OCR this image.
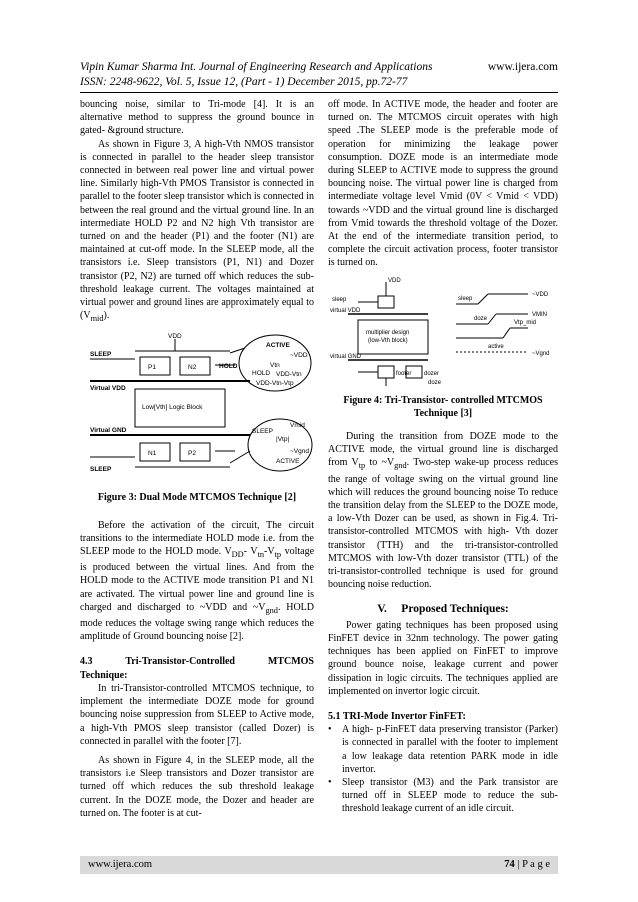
Vipin Kumar Sharma Int. Journal of Engineering Research and Applications	www.ijera.com
ISSN: 2248-9622, Vol. 5, Issue 12, (Part - 1) December 2015, pp.72-77

bouncing noise, similar to Tri-mode [4]. It is an alternative method to suppress the ground bounce in gated- &ground structure.

As shown in Figure 3, A high-Vth NMOS transistor is connected in parallel to the header sleep transistor connected in between real power line and virtual power line. Similarly high-Vth PMOS Transistor is connected in parallel to the footer sleep transistor which is connected in between the real ground and the virtual ground line. In an intermediate HOLD P2 and N2 high Vth transistor are turned on and the header (P1) and the footer (N1) are maintained at cut-off mode. In the SLEEP mode, all the transistors i.e. Sleep transistors (P1, N1) and Dozer transistor (P2, N2) are turned off which reduces the sub-threshold leakage current. The voltages maintained at virtual power and ground lines are approximately equal to $(V_{mid})$.

SLEEP
VDD
P1	N2	HOLD
Virtual VDD
Low[Vth] Logic Block
Virtual GND
N1	P2
SLEEP
ACTIVE
~VDD
Vtn
HOLD VDD-Vtn
VDD-Vtn-Vtp
Vmid
SLEEP
|Vtp|
~Vgnd
ACTIVE

Figure 3: Dual Mode MTCMOS Technique [2]

Before the activation of the circuit, The circuit transitions to the intermediate HOLD mode i.e. from the SLEEP mode to the HOLD mode. $V_{DD}-$ $V_{tn}-V_{tp}$ voltage is produced between the virtual lines. And from the HOLD mode to the ACTIVE mode transition P1 and N1 are activated. The virtual power line and ground line is charged and discharged to ~VDD and $\sim V_{gnd}$. HOLD mode reduces the voltage swing range which reduces the amplitude of Ground bouncing noise [2].

4.3	Tri-Transistor-Controlled	MTCMOS

Technique:

In tri-Transistor-controlled MTCMOS technique, to implement the intermediate DOZE mode for ground bouncing noise suppression from SLEEP to Active mode, a high-Vth PMOS sleep transistor (called Dozer) is connected in parallel with the footer [7].

As shown in Figure 4, in the SLEEP mode, all the transistors i.e Sleep transistors and Dozer transistor are turned off which reduces the sub threshold leakage current. In the DOZE mode, the Dozer and header are turned on. The footer is at cut-

off mode. In ACTIVE mode, the header and footer are turned on. The MTCMOS circuit operates with high speed .The SLEEP mode is the preferable mode of operation for minimizing the leakage power consumption. DOZE mode is an intermediate mode during SLEEP to ACTIVE mode to suppress the ground bouncing noise. The virtual power line is charged from intermediate voltage level Vmid (0V < Vmid < VDD) towards ~VDD and the virtual ground line is discharged from Vmid towards the threshold voltage of the Dozer. At the end of the intermediate transition period, to complete the circuit activation process, footer transistor is turned on.

VDD
sleep
virtual VDD
multiplier design
(low-Vth block)
virtual GND
footer dozer
doze
~VDD
sleep
doze
active
VMIN
Vtp_mid
~Vgnd

Figure 4: Tri-Transistor- controlled MTCMOS Technique [3]

During the transition from DOZE mode to the ACTIVE mode, the virtual ground line is discharged from $V_{tp}$ to $\sim V_{gnd}$. Two-step wake-up process reduces the range of voltage swing on the virtual ground line which will reduces the ground bouncing noise To reduce the transition delay from the SLEEP to the DOZE mode, a low-Vth Dozer can be used, as shown in Fig.4. Tri-transistor-controlled MTCMOS with high- Vth dozer transistor (TTH) and the tri-transistor-controlled MTCMOS with low-Vth dozer transistor (TTL) of the tri-transistor-controlled technique is used for ground bouncing noise reduction.

V. Proposed Techniques:

Power gating techniques has been proposed using FinFET device in 32nm technology. The power gating techniques has been applied on FinFET to improve ground bounce noise, leakage current and power dissipation in logic circuits. The techniques applied are implemented on invertor logic circuit.

5.1 TRI-Mode Invertor FinFET:

•	A high- p-FinFET data preserving transistor (Parker) is connected in parallel with the footer to implement a low leakage data retention PARK mode in idle invertor.
•	Sleep transistor (M3) and the Park transistor are turned off in SLEEP mode to reduce the sub-threshold leakage current of an idle circuit.
www.ijera.com	74 | P a g e
